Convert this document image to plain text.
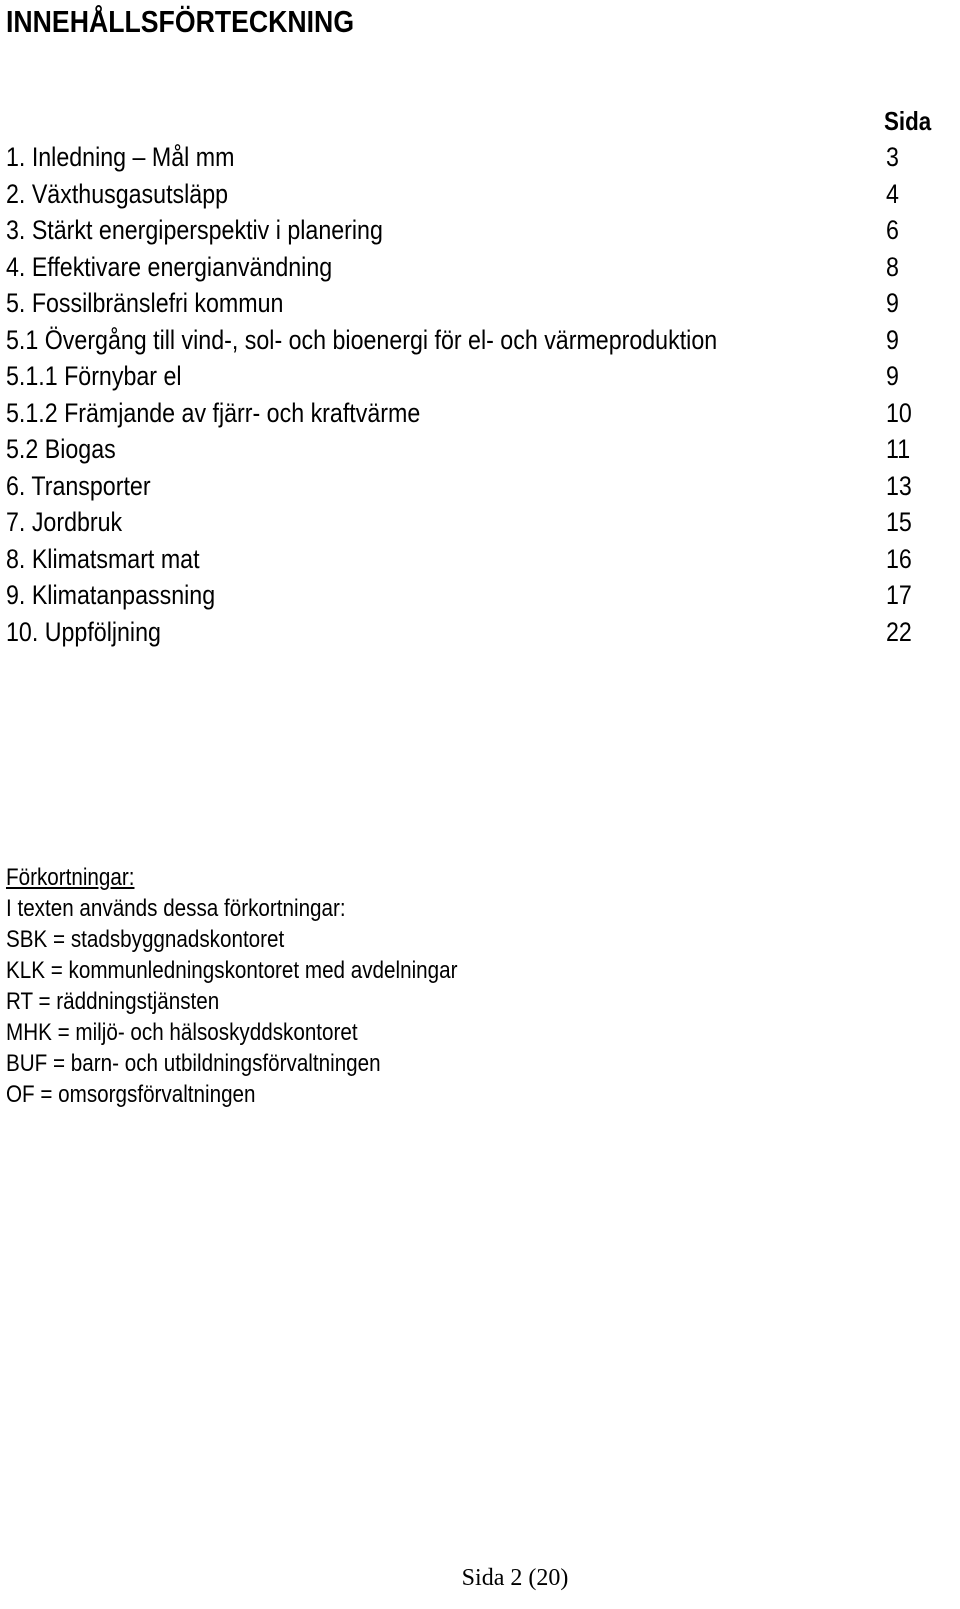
INNEHÅLLSFÖRTECKNING
Sida
1. Inledning – Mål mm	3
2. Växthusgasutsläpp	4
3. Stärkt energiperspektiv i planering	6
4. Effektivare energianvändning	8
5. Fossilbränslefri kommun	9
5.1 Övergång till vind-, sol- och bioenergi för el- och värmeproduktion	9
5.1.1 Förnybar el	9
5.1.2 Främjande av fjärr- och kraftvärme	10
5.2 Biogas	11
6. Transporter	13
7. Jordbruk	15
8. Klimatsmart mat	16
9. Klimatanpassning	17
10. Uppföljning	22
Förkortningar:
I texten används dessa förkortningar:
SBK = stadsbyggnadskontoret
KLK = kommunledningskontoret med avdelningar
RT = räddningstjänsten
MHK = miljö- och hälsoskyddskontoret
BUF = barn- och utbildningsförvaltningen
OF = omsorgsförvaltningen
Sida 2 (20)
